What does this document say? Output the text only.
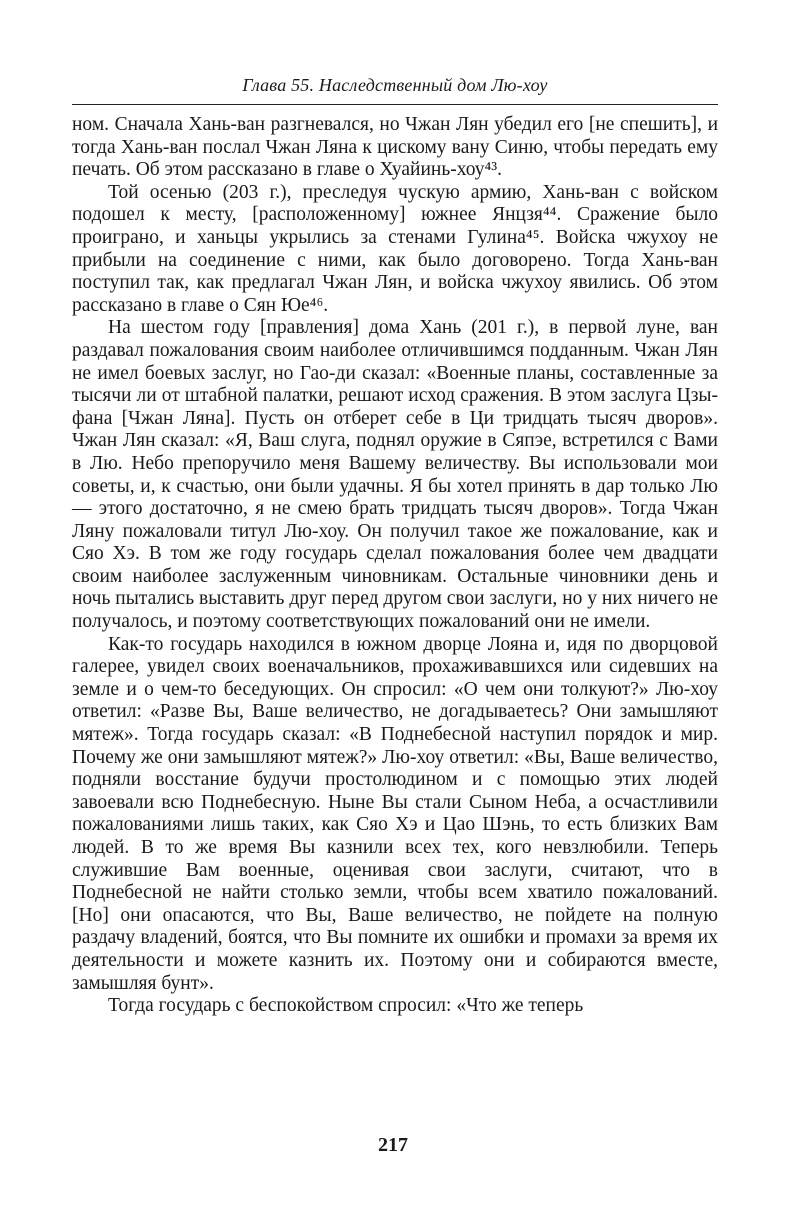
Глава 55. Наследственный дом Лю-хоу

ном. Сначала Хань-ван разгневался, но Чжан Лян убедил его [не спешить], и тогда Хань-ван послал Чжан Ляна к цискому вану Синю, чтобы передать ему печать. Об этом рассказано в главе о Хуайинь-хоу⁴³.

Той осенью (203 г.), преследуя чускую армию, Хань-ван с войском подошел к месту, [расположенному] южнее Янцзя⁴⁴. Сражение было проиграно, и ханьцы укрылись за стенами Гулина⁴⁵. Войска чжухоу не прибыли на соединение с ними, как было договорено. Тогда Хань-ван поступил так, как предлагал Чжан Лян, и войска чжухоу явились. Об этом рассказано в главе о Сян Юе⁴⁶.

На шестом году [правления] дома Хань (201 г.), в первой луне, ван раздавал пожалования своим наиболее отличившимся подданным. Чжан Лян не имел боевых заслуг, но Гао-ди сказал: «Военные планы, составленные за тысячи ли от штабной палатки, решают исход сражения. В этом заслуга Цзы-фана [Чжан Ляна]. Пусть он отберет себе в Ци тридцать тысяч дворов». Чжан Лян сказал: «Я, Ваш слуга, поднял оружие в Сяпэе, встретился с Вами в Лю. Небо препоручило меня Вашему величеству. Вы использовали мои советы, и, к счастью, они были удачны. Я бы хотел принять в дар только Лю — этого достаточно, я не смею брать тридцать тысяч дворов». Тогда Чжан Ляну пожаловали титул Лю-хоу. Он получил такое же пожалование, как и Сяо Хэ. В том же году государь сделал пожалования более чем двадцати своим наиболее заслуженным чиновникам. Остальные чиновники день и ночь пытались выставить друг перед другом свои заслуги, но у них ничего не получалось, и поэтому соответствующих пожалований они не имели.

Как-то государь находился в южном дворце Лояна и, идя по дворцовой галерее, увидел своих военачальников, прохаживавшихся или сидевших на земле и о чем-то беседующих. Он спросил: «О чем они толкуют?» Лю-хоу ответил: «Разве Вы, Ваше величество, не догадываетесь? Они замышляют мятеж». Тогда государь сказал: «В Поднебесной наступил порядок и мир. Почему же они замышляют мятеж?» Лю-хоу ответил: «Вы, Ваше величество, подняли восстание будучи простолюдином и с помощью этих людей завоевали всю Поднебесную. Ныне Вы стали Сыном Неба, а осчастливили пожалованиями лишь таких, как Сяо Хэ и Цао Шэнь, то есть близких Вам людей. В то же время Вы казнили всех тех, кого невзлюбили. Теперь служившие Вам военные, оценивая свои заслуги, считают, что в Поднебесной не найти столько земли, чтобы всем хватило пожалований. [Но] они опасаются, что Вы, Ваше величество, не пойдете на полную раздачу владений, боятся, что Вы помните их ошибки и промахи за время их деятельности и можете казнить их. Поэтому они и собираются вместе, замышляя бунт».

Тогда государь с беспокойством спросил: «Что же теперь

217
